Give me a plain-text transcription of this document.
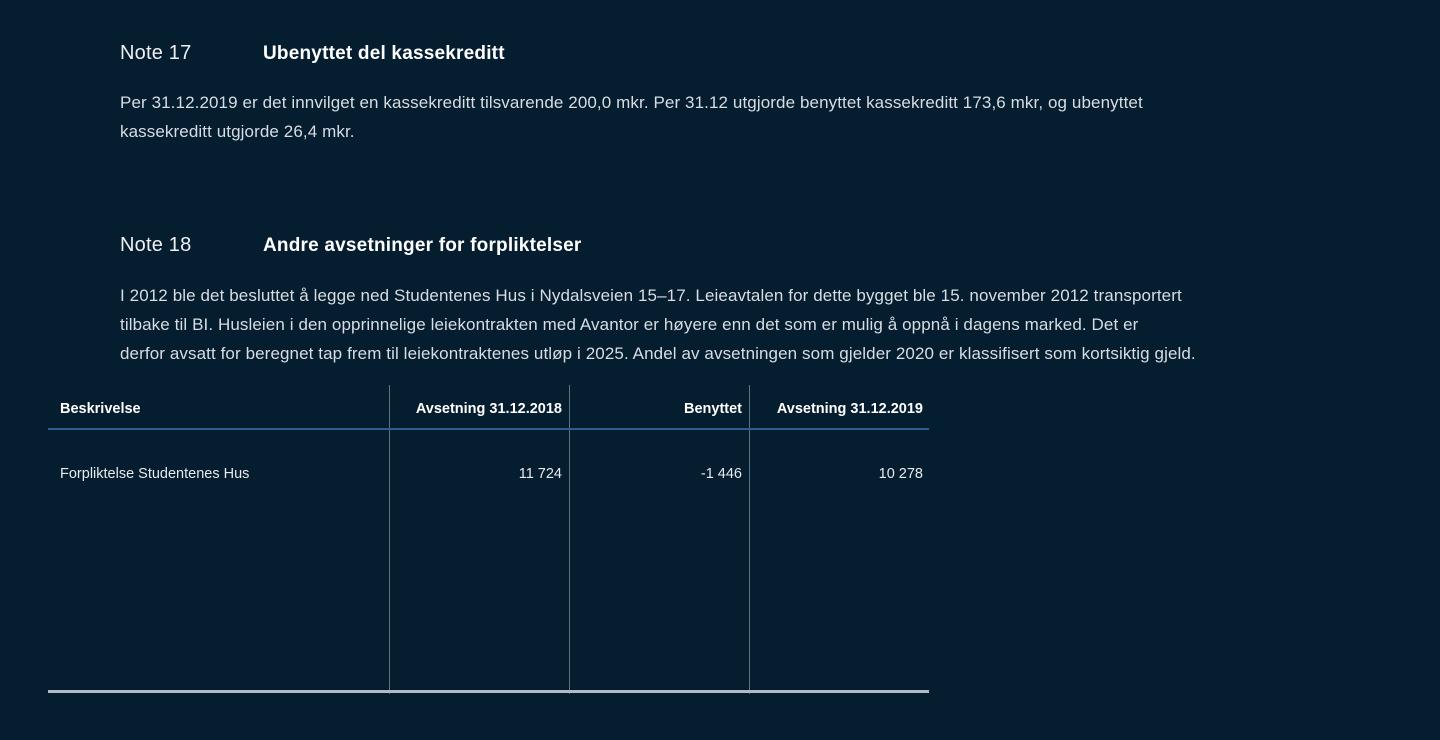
Note 17	Ubenyttet del kassekreditt
Per 31.12.2019 er det innvilget en kassekreditt tilsvarende 200,0 mkr. Per 31.12 utgjorde benyttet kassekreditt 173,6 mkr, og ubenyttet
kassekreditt utgjorde 26,4 mkr.
Note 18	Andre avsetninger for forpliktelser
I 2012 ble det besluttet å legge ned Studentenes Hus i Nydalsveien 15–17. Leieavtalen for dette bygget ble 15. november 2012 transportert
tilbake til BI. Husleien i den opprinnelige leiekontrakten med Avantor er høyere enn det som er mulig å oppnå i dagens marked. Det er
derfor avsatt for beregnet tap frem til leiekontraktenes utløp i 2025. Andel av avsetningen som gjelder 2020 er klassifisert som kortsiktig gjeld.
Beskrivelse	Avsetning 31.12.2018	Benyttet	Avsetning 31.12.2019
Forpliktelse Studentenes Hus	11 724	-1 446	10 278
